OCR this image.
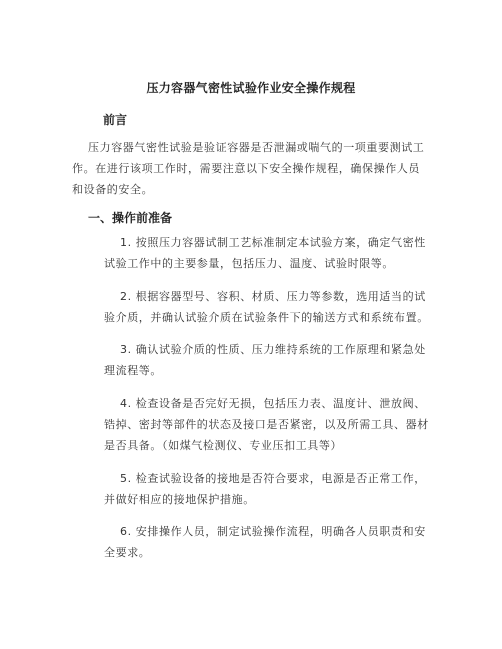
压力容器气密性试验作业安全操作规程
前言
压力容器气密性试验是验证容器是否泄漏或喘气的一项重要测试工
作。在进行该项工作时，需要注意以下安全操作规程，确保操作人员
和设备的安全。
一、操作前准备
1. 按照压力容器试制工艺标准制定本试验方案，确定气密性
试验工作中的主要参量，包括压力、温度、试验时限等。
2. 根据容器型号、容积、材质、压力等参数，选用适当的试
验介质，并确认试验介质在试验条件下的输送方式和系统布置。
3. 确认试验介质的性质、压力维持系统的工作原理和紧急处
理流程等。
4. 检查设备是否完好无损，包括压力表、温度计、泄放阀、
锆掉、密封等部件的状态及接口是否紧密，以及所需工具、器材
是否具备。（如煤气检测仪、专业压扣工具等）
5. 检查试验设备的接地是否符合要求，电源是否正常工作，
并做好相应的接地保护措施。
6. 安排操作人员，制定试验操作流程，明确各人员职责和安
全要求。
